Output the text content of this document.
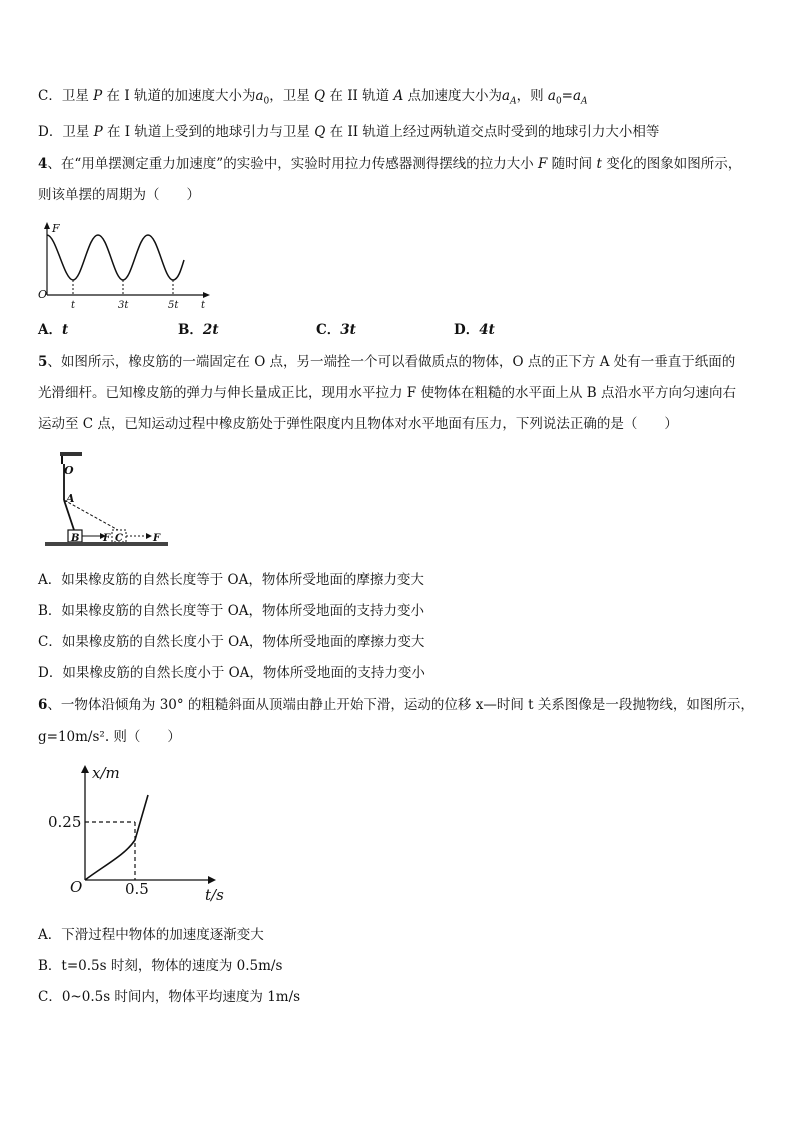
C．卫星 P 在 I 轨道的加速度大小为$a_0$，卫星 Q 在 II 轨道 A 点加速度大小为$a_A$，则 $a_0=a_A$
D．卫星 P 在 I 轨道上受到的地球引力与卫星 Q 在 II 轨道上经过两轨道交点时受到的地球引力大小相等
4、在“用单摆测定重力加速度”的实验中，实验时用拉力传感器测得摆线的拉力大小 F 随时间 t 变化的图象如图所示，
则该单摆的周期为（　　）
F
O
t	3t	5t t
A．t	B．2t	C．3t	D．4t
5、如图所示，橡皮筋的一端固定在 O 点，另一端拴一个可以看做质点的物体，O 点的正下方 A 处有一垂直于纸面的
光滑细杆。已知橡皮筋的弹力与伸长量成正比，现用水平拉力 F 使物体在粗糙的水平面上从 B 点沿水平方向匀速向右
运动至 C 点，已知运动过程中橡皮筋处于弹性限度内且物体对水平地面有压力，下列说法正确的是（　　）
O
A
B	C
F	F
A．如果橡皮筋的自然长度等于 OA，物体所受地面的摩擦力变大
B．如果橡皮筋的自然长度等于 OA，物体所受地面的支持力变小
C．如果橡皮筋的自然长度小于 OA，物体所受地面的摩擦力变大
D．如果橡皮筋的自然长度小于 OA，物体所受地面的支持力变小
6、一物体沿倾角为 30° 的粗糙斜面从顶端由静止开始下滑，运动的位移 x—时间 t 关系图像是一段抛物线，如图所示，
g=10m/s². 则（　　）
x/m
0.25
O	0.5	t/s
A．下滑过程中物体的加速度逐渐变大
B．t=0.5s 时刻，物体的速度为 0.5m/s
C．0~0.5s 时间内，物体平均速度为 1m/s
